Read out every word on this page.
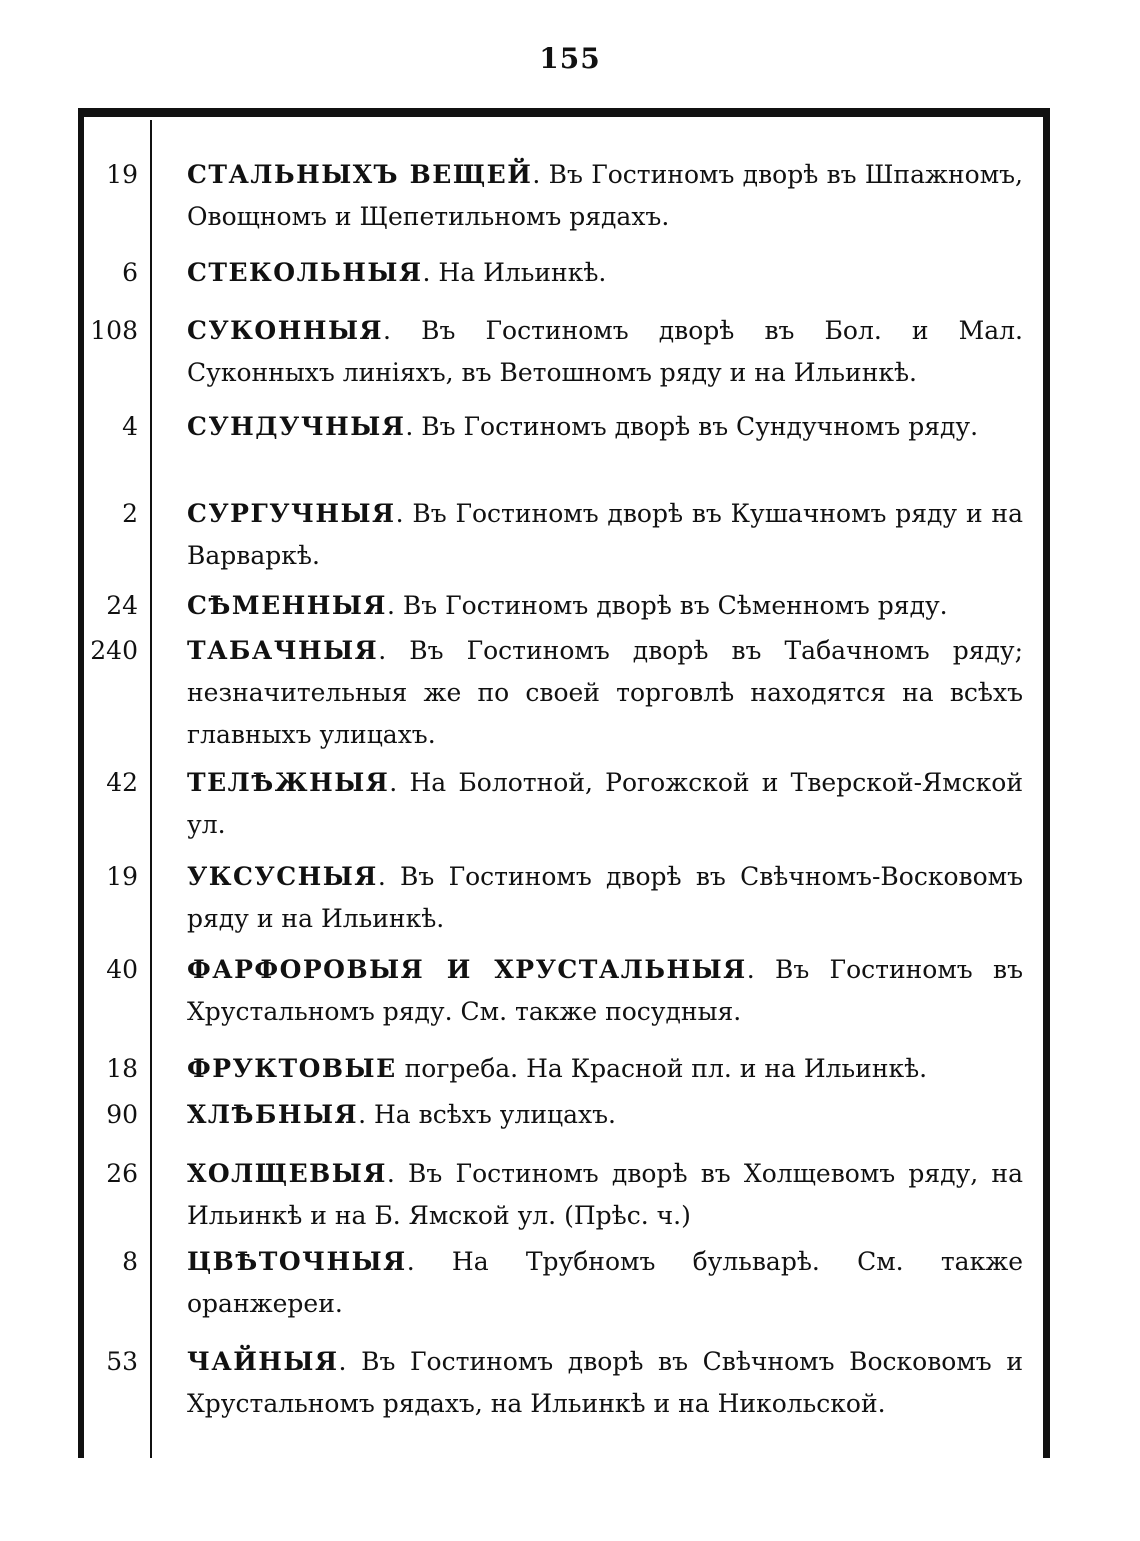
155
19 СТАЛЬНЫХЪ ВЕЩЕЙ. Въ Гостиномъ дворѣ въ Шпажномъ, Овощномъ и Щепетильномъ рядахъ.
6 СТЕКОЛЬНЫЯ. На Ильинкѣ.
108 СУКОННЫЯ. Въ Гостиномъ дворѣ въ Бол. и Мал. Суконныхъ линіяхъ, въ Ветошномъ ряду и на Ильинкѣ.
4 СУНДУЧНЫЯ. Въ Гостиномъ дворѣ въ Сундучномъ ряду.
2 СУРГУЧНЫЯ. Въ Гостиномъ дворѣ въ Кушачномъ ряду и на Варваркѣ.
24 СѢМЕННЫЯ. Въ Гостиномъ дворѣ въ Сѣменномъ ряду.
240 ТАБАЧНЫЯ. Въ Гостиномъ дворѣ въ Табачномъ ряду; незначительныя же по своей торговлѣ находятся на всѣхъ главныхъ улицахъ.
42 ТЕЛѢЖНЫЯ. На Болотной, Рогожской и Тверской-Ямской ул.
19 УКСУСНЫЯ. Въ Гостиномъ дворѣ въ Свѣчномъ-Восковомъ ряду и на Ильинкѣ.
40 ФАРФОРОВЫЯ И ХРУСТАЛЬНЫЯ. Въ Гостиномъ въ Хрустальномъ ряду. См. также посудныя.
18 ФРУКТОВЫЕ погреба. На Красной пл. и на Ильинкѣ.
90 ХЛѢБНЫЯ. На всѣхъ улицахъ.
26 ХОЛЩЕВЫЯ. Въ Гостиномъ дворѣ въ Холщевомъ ряду, на Ильинкѣ и на Б. Ямской ул. (Прѣс. ч.)
8 ЦВѢТОЧНЫЯ. На Трубномъ бульварѣ. См. также оранжереи.
53 ЧАЙНЫЯ. Въ Гостиномъ дворѣ въ Свѣчномъ Восковомъ и Хрустальномъ рядахъ, на Ильинкѣ и на Никольской.
